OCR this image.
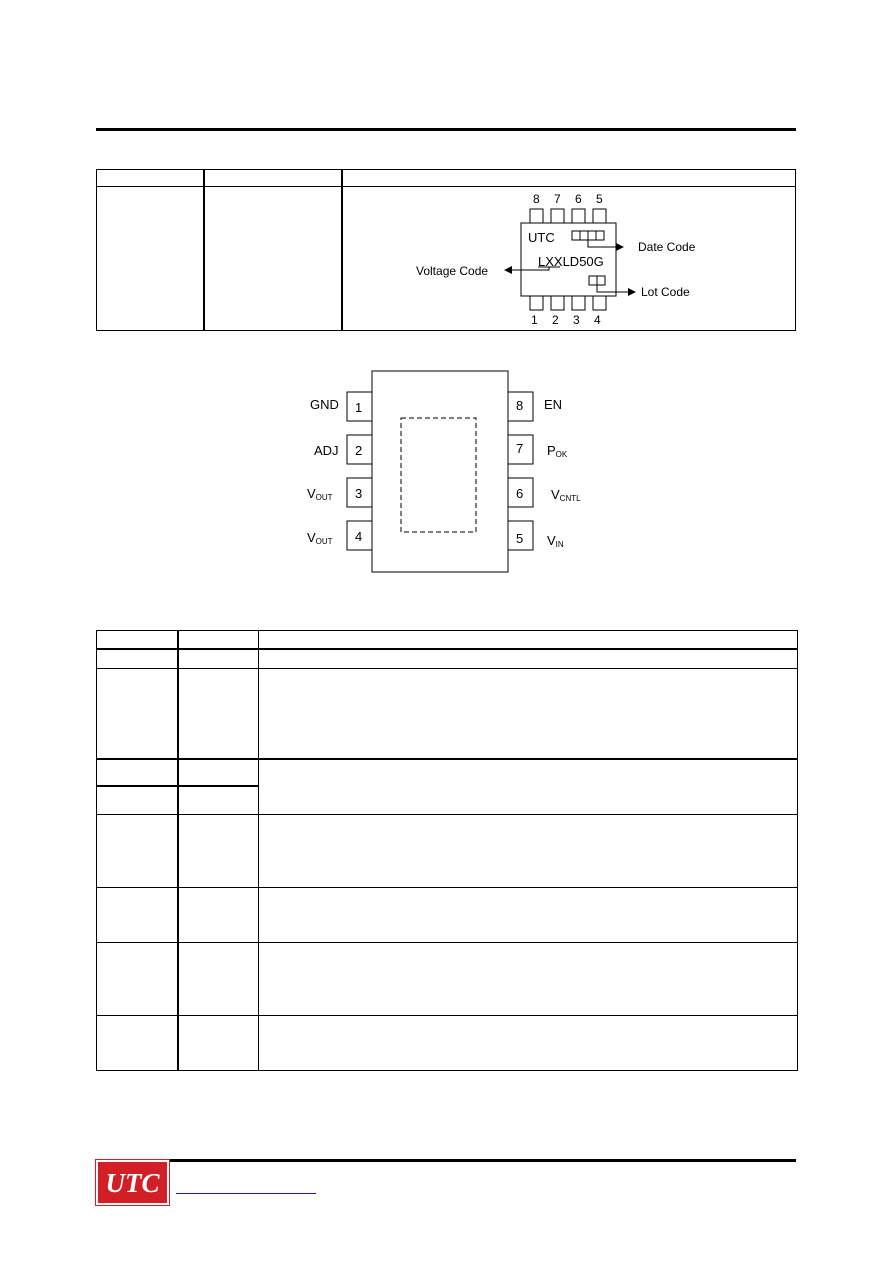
8 7 6 5
1 2 3 4
UTC
LXXLD50G
Date Code
Voltage Code
Lot Code
1
2
3
4
8
7
6
5
GND
ADJ
$V_{OUT}$
$V_{OUT}$
EN
$P_{OK}$
$V_{CNTL}$
$V_{IN}$
UTC
